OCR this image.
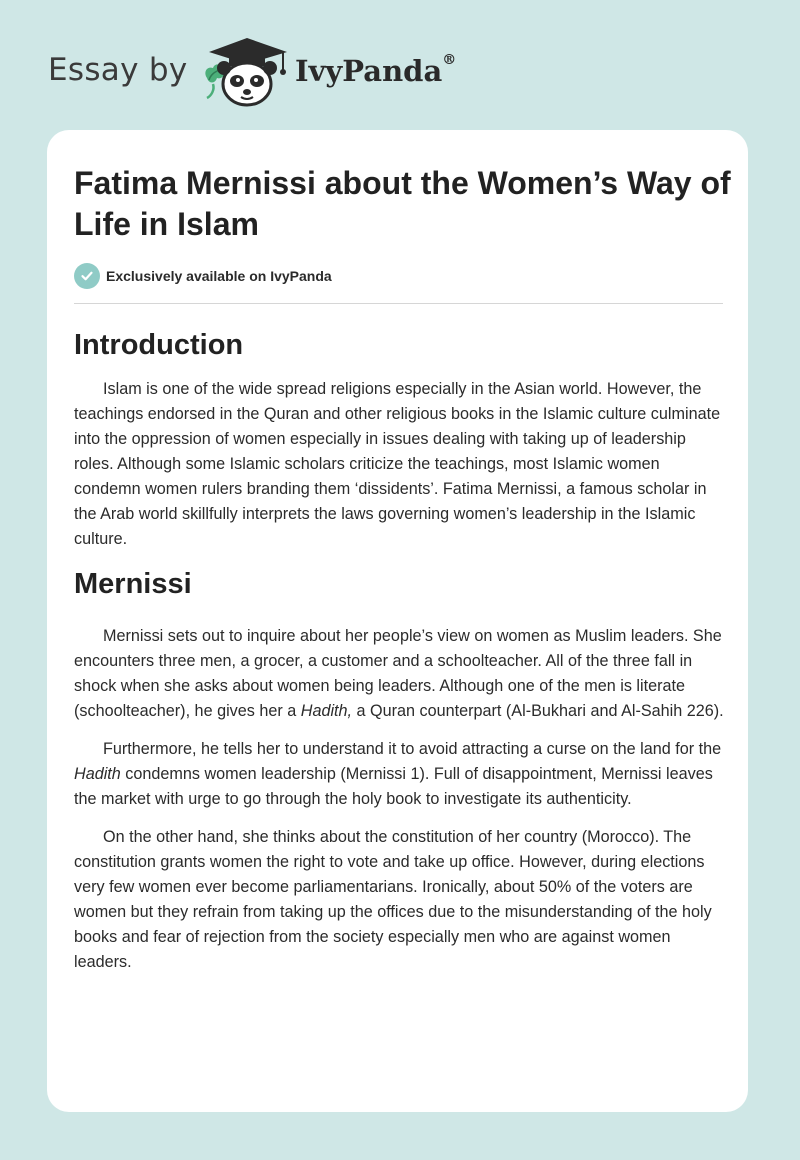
Essay by	IvyPanda®
Fatima Mernissi about the Women’s Way of Life in Islam
Exclusively available on IvyPanda
Introduction

Islam is one of the wide spread religions especially in the Asian world. However, the teachings endorsed in the Quran and other religious books in the Islamic culture culminate into the oppression of women especially in issues dealing with taking up of leadership roles. Although some Islamic scholars criticize the teachings, most Islamic women condemn women rulers branding them ‘dissidents’. Fatima Mernissi, a famous scholar in the Arab world skillfully interprets the laws governing women’s leadership in the Islamic culture.

Mernissi

Mernissi sets out to inquire about her people’s view on women as Muslim leaders. She encounters three men, a grocer, a customer and a schoolteacher. All of the three fall in shock when she asks about women being leaders. Although one of the men is literate (schoolteacher), he gives her a Hadith, a Quran counterpart (Al-Bukhari and Al-Sahih 226).

Furthermore, he tells her to understand it to avoid attracting a curse on the land for the Hadith condemns women leadership (Mernissi 1). Full of disappointment, Mernissi leaves the market with urge to go through the holy book to investigate its authenticity.

On the other hand, she thinks about the constitution of her country (Morocco). The constitution grants women the right to vote and take up office. However, during elections very few women ever become parliamentarians. Ironically, about 50% of the voters are women but they refrain from taking up the offices due to the misunderstanding of the holy books and fear of rejection from the society especially men who are against women leaders.
